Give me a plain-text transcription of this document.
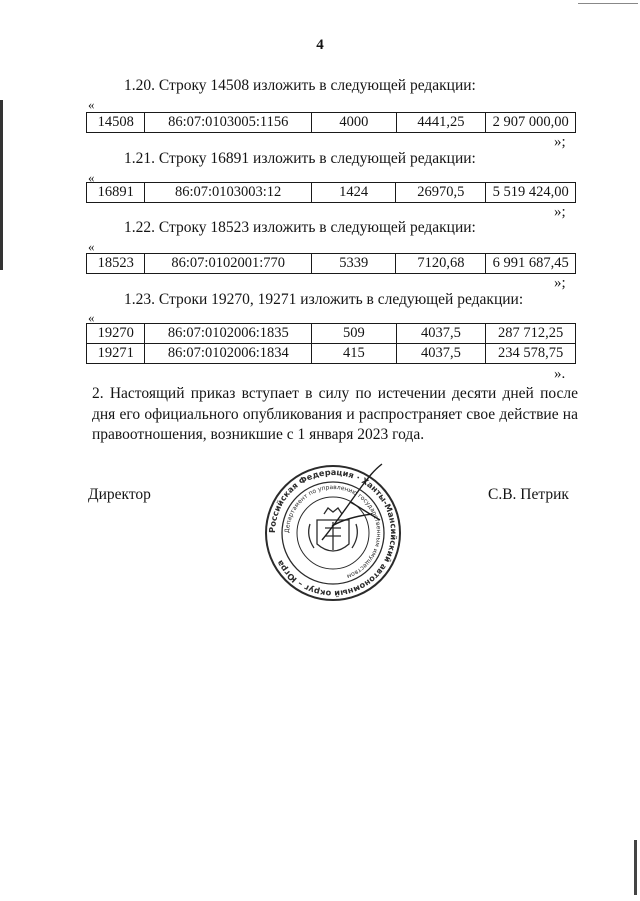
4
1.20. Строку 14508 изложить в следующей редакции:
«
14508	86:07:0103005:1156	4000	4441,25	2 907 000,00
»;
1.21. Строку 16891 изложить в следующей редакции:
«
16891	86:07:0103003:12	1424	26970,5	5 519 424,00
»;
1.22. Строку 18523 изложить в следующей редакции:
«
18523	86:07:0102001:770	5339	7120,68	6 991 687,45
»;
1.23. Строки 19270, 19271 изложить в следующей редакции:
«
19270	86:07:0102006:1835	509	4037,5	287 712,25
19271	86:07:0102006:1834	415	4037,5	234 578,75
».
2. Настоящий приказ вступает в силу по истечении десяти дней после дня его официального опубликования и распространяет свое действие на правоотношения, возникшие с 1 января 2023 года.
Директор	С.В. Петрик
Российская Федерация · Ханты-Мансийский автономный округ – Югра
Департамент по управлению государственным имуществом
